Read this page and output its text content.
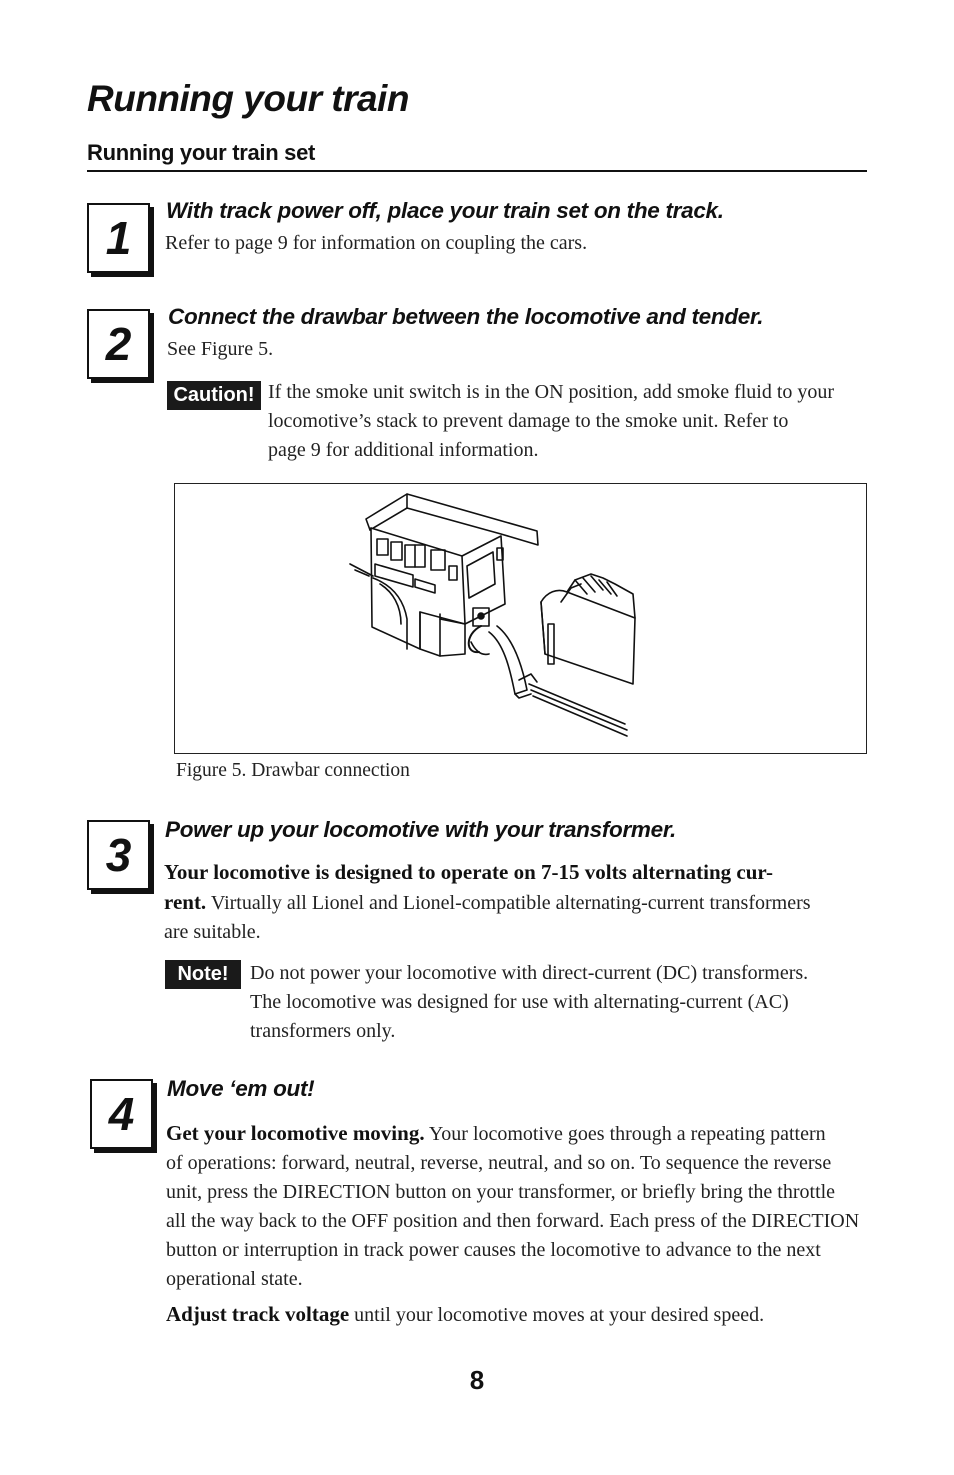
Running your train
Running your train set
1

With track power off, place your train set on the track.

Refer to page 9 for information on coupling the cars.

2

Connect the drawbar between the locomotive and tender.

See Figure 5.

Caution! If the smoke unit switch is in the ON position, add smoke fluid to your
locomotive’s stack to prevent damage to the smoke unit. Refer to
page 9 for additional information.

Figure 5. Drawbar connection

3 Power up your locomotive with your transformer.

Your locomotive is designed to operate on 7-15 volts alternating cur-
rent. Virtually all Lionel and Lionel-compatible alternating-current transformers
are suitable.
Note!	Do not power your locomotive with direct-current (DC) transformers.
The locomotive was designed for use with alternating-current (AC)
transformers only.
4 Move ‘em out!

Get your locomotive moving. Your locomotive goes through a repeating pattern
of operations: forward, neutral, reverse, neutral, and so on. To sequence the reverse
unit, press the DIRECTION button on your transformer, or briefly bring the throttle
all the way back to the OFF position and then forward. Each press of the DIRECTION
button or interruption in track power causes the locomotive to advance to the next
operational state.
Adjust track voltage until your locomotive moves at your desired speed.
8
